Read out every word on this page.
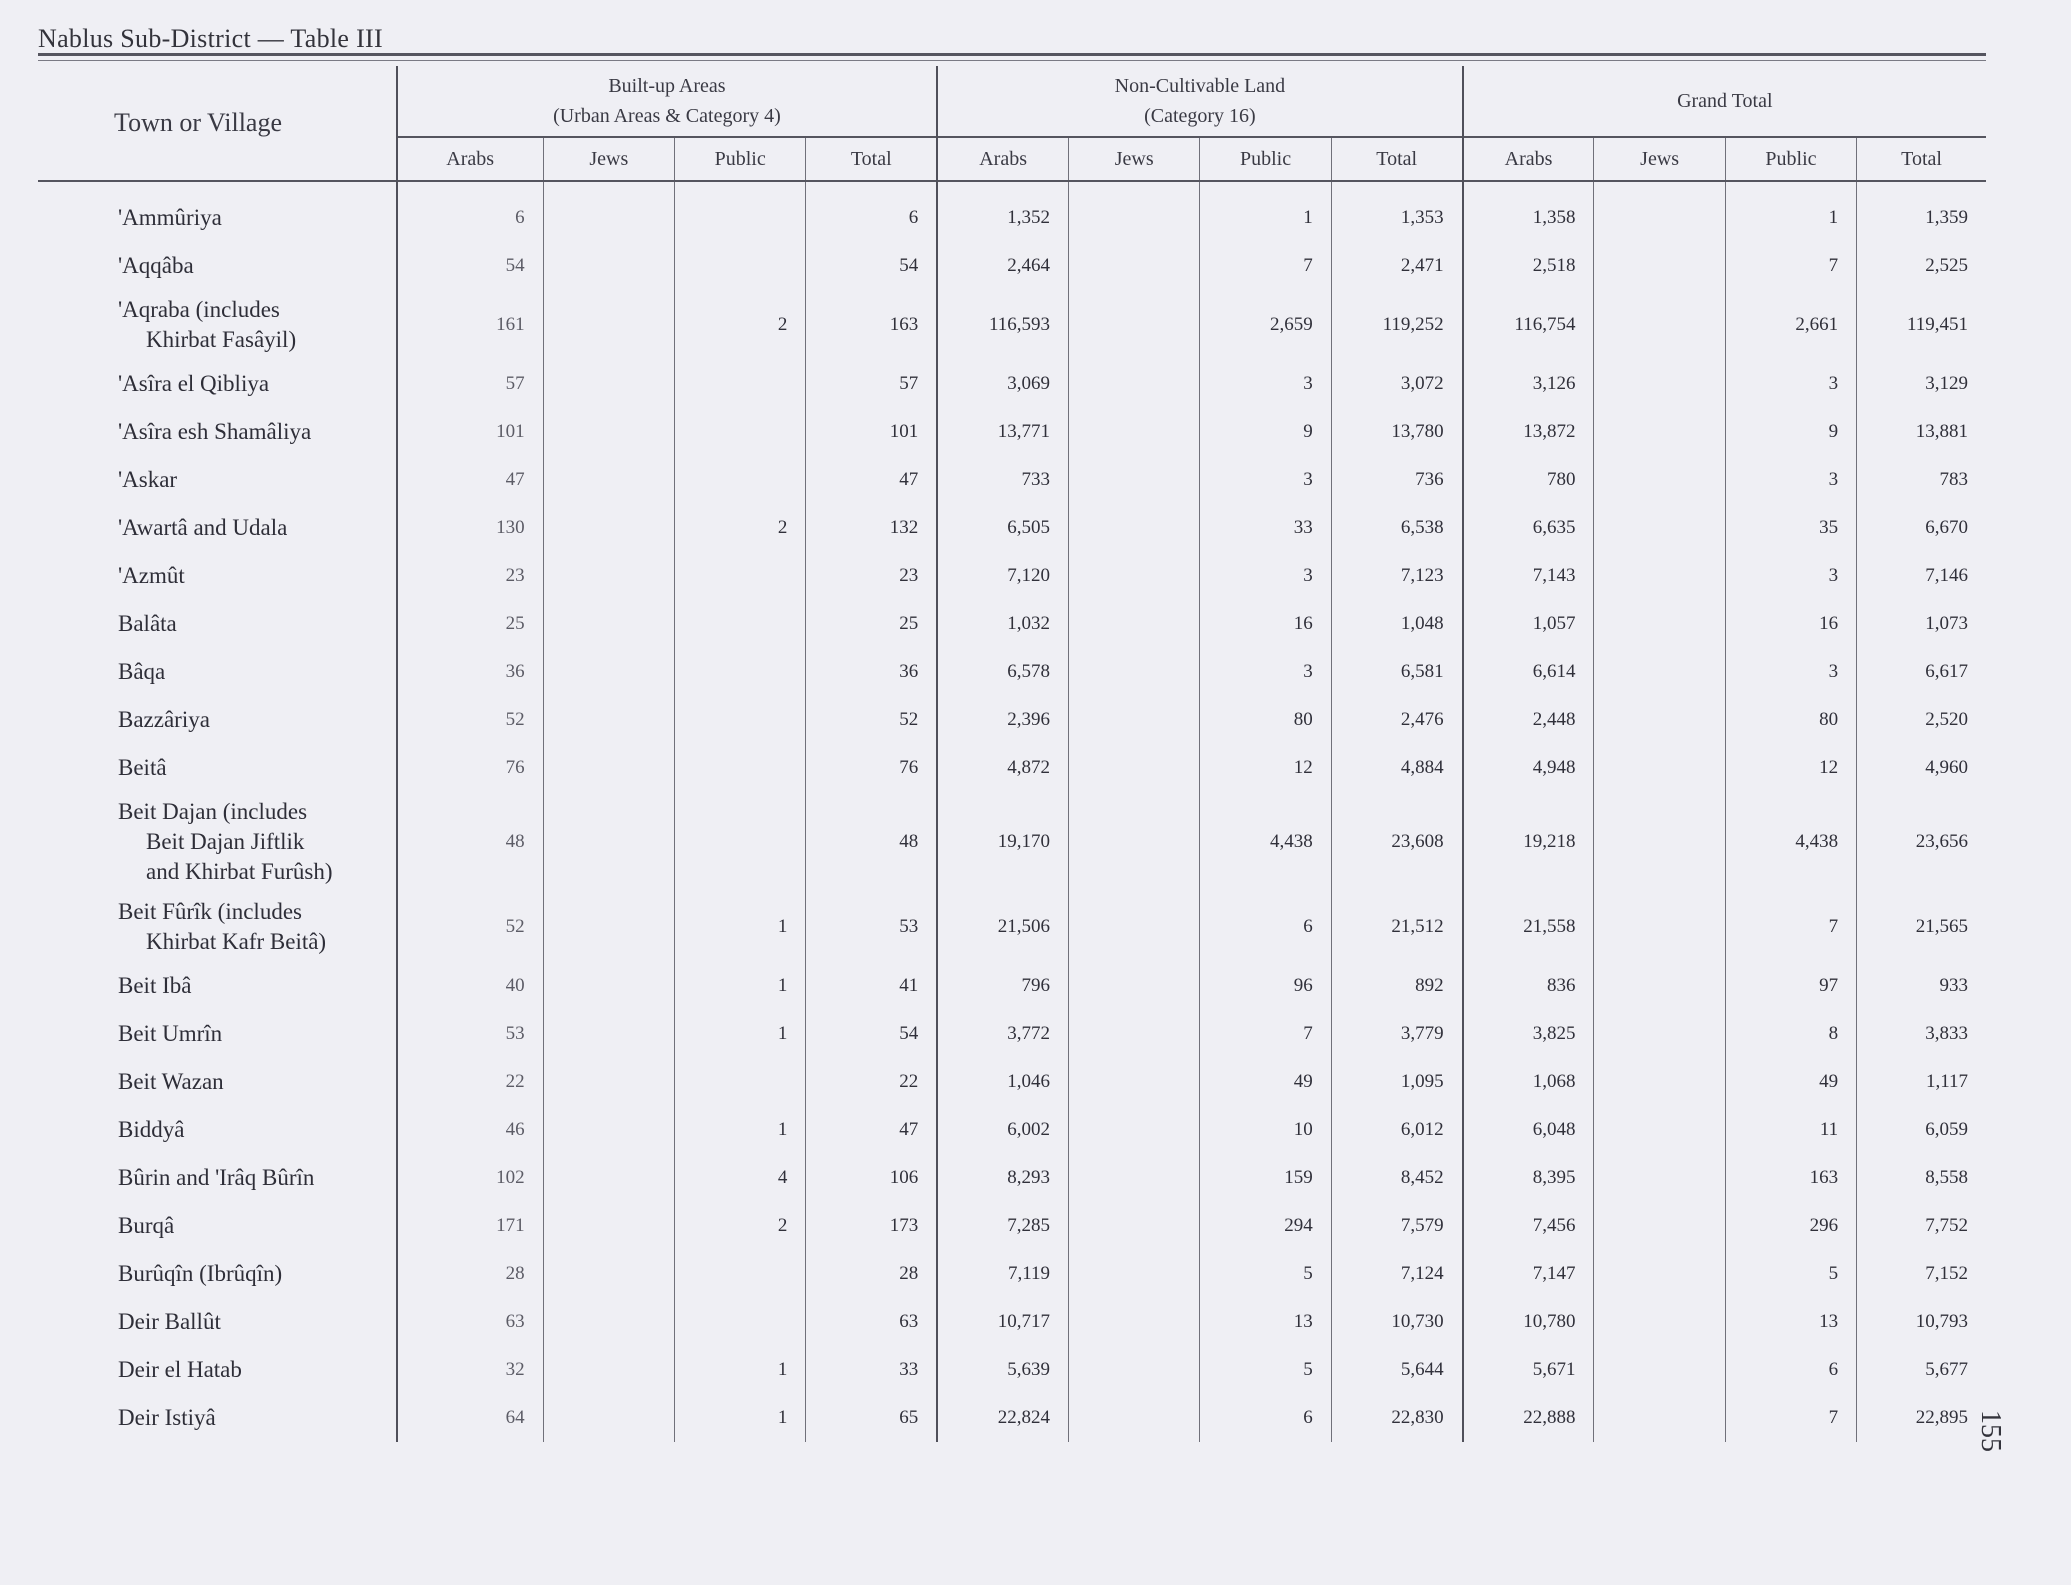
Nablus Sub-District — Table III
Town or Village	Built-up Areas
(Urban Areas & Category 4)				Non-Cultivable Land
(Category 16)				Grand Total			
	Arabs	Jews	Public	Total	Arabs	Jews	Public	Total	Arabs	Jews	Public	Total

'Ammûriya	6			6	1,352		1	1,353	1,358		1	1,359
'Aqqâba	54			54	2,464		7	2,471	2,518		7	2,525
'Aqraba (includes
Khirbat Fasâyil)	161		2	163	116,593		2,659	119,252	116,754		2,661	119,451
'Asîra el Qibliya	57			57	3,069		3	3,072	3,126		3	3,129
'Asîra esh Shamâliya	101			101	13,771		9	13,780	13,872		9	13,881
'Askar	47			47	733		3	736	780		3	783
'Awartâ and Udala	130		2	132	6,505		33	6,538	6,635		35	6,670
'Azmût	23			23	7,120		3	7,123	7,143		3	7,146
Balâta	25			25	1,032		16	1,048	1,057		16	1,073
Bâqa	36			36	6,578		3	6,581	6,614		3	6,617
Bazzâriya	52			52	2,396		80	2,476	2,448		80	2,520
Beitâ	76			76	4,872		12	4,884	4,948		12	4,960
Beit Dajan (includes
Beit Dajan Jiftlik
and Khirbat Furûsh)	48			48	19,170		4,438	23,608	19,218		4,438	23,656
Beit Fûrîk (includes
Khirbat Kafr Beitâ)	52		1	53	21,506		6	21,512	21,558		7	21,565
Beit Ibâ	40		1	41	796		96	892	836		97	933
Beit Umrîn	53		1	54	3,772		7	3,779	3,825		8	3,833
Beit Wazan	22			22	1,046		49	1,095	1,068		49	1,117
Biddyâ	46		1	47	6,002		10	6,012	6,048		11	6,059
Bûrin and 'Irâq Bûrîn	102		4	106	8,293		159	8,452	8,395		163	8,558
Burqâ	171		2	173	7,285		294	7,579	7,456		296	7,752
Burûqîn (Ibrûqîn)	28			28	7,119		5	7,124	7,147		5	7,152
Deir Ballût	63			63	10,717		13	10,730	10,780		13	10,793
Deir el Hatab	32		1	33	5,639		5	5,644	5,671		6	5,677
Deir Istiyâ	64		1	65	22,824		6	22,830	22,888		7	22,895 155
